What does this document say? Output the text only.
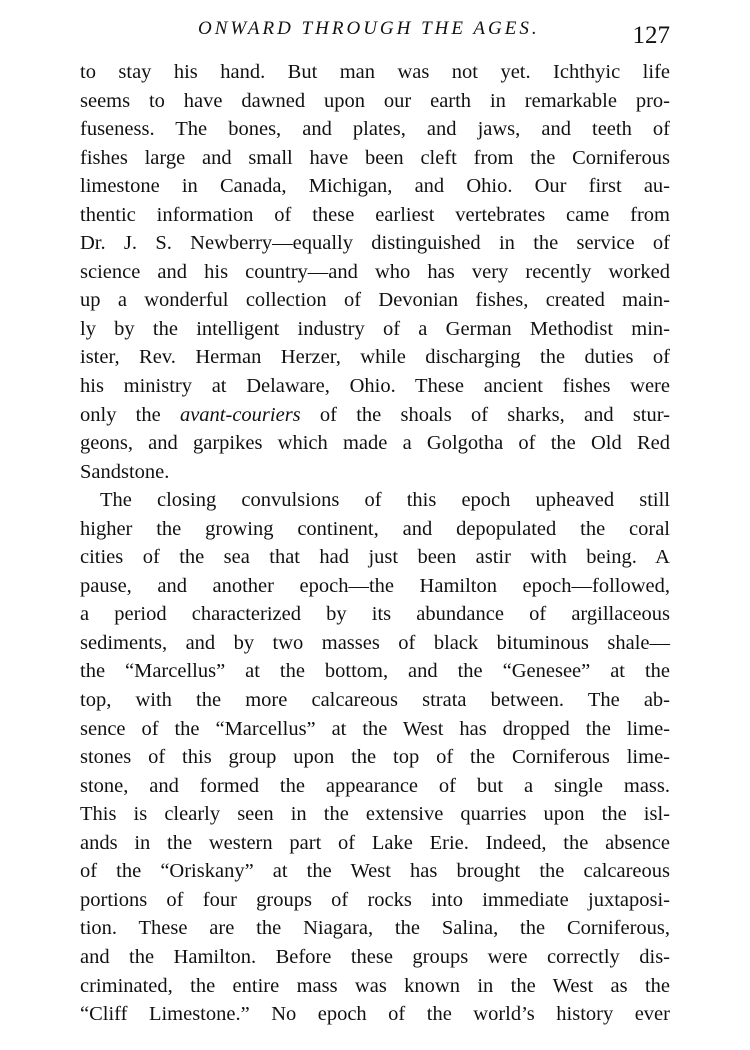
ONWARD THROUGH THE AGES.	127
to stay his hand. But man was not yet. Ichthyic life
seems to have dawned upon our earth in remarkable pro-
fuseness. The bones, and plates, and jaws, and teeth of
fishes large and small have been cleft from the Corniferous
limestone in Canada, Michigan, and Ohio. Our first au-
thentic information of these earliest vertebrates came from
Dr. J. S. Newberry—equally distinguished in the service of
science and his country—and who has very recently worked
up a wonderful collection of Devonian fishes, created main-
ly by the intelligent industry of a German Methodist min-
ister, Rev. Herman Herzer, while discharging the duties of
his ministry at Delaware, Ohio. These ancient fishes were
only the avant-couriers of the shoals of sharks, and stur-
geons, and garpikes which made a Golgotha of the Old Red
Sandstone.
The closing convulsions of this epoch upheaved still
higher the growing continent, and depopulated the coral
cities of the sea that had just been astir with being. A
pause, and another epoch—the Hamilton epoch—followed,
a period characterized by its abundance of argillaceous
sediments, and by two masses of black bituminous shale—
the “Marcellus” at the bottom, and the “Genesee” at the
top, with the more calcareous strata between. The ab-
sence of the “Marcellus” at the West has dropped the lime-
stones of this group upon the top of the Corniferous lime-
stone, and formed the appearance of but a single mass.
This is clearly seen in the extensive quarries upon the isl-
ands in the western part of Lake Erie. Indeed, the absence
of the “Oriskany” at the West has brought the calcareous
portions of four groups of rocks into immediate juxtaposi-
tion. These are the Niagara, the Salina, the Corniferous,
and the Hamilton. Before these groups were correctly dis-
criminated, the entire mass was known in the West as the
“Cliff Limestone.” No epoch of the world’s history ever
